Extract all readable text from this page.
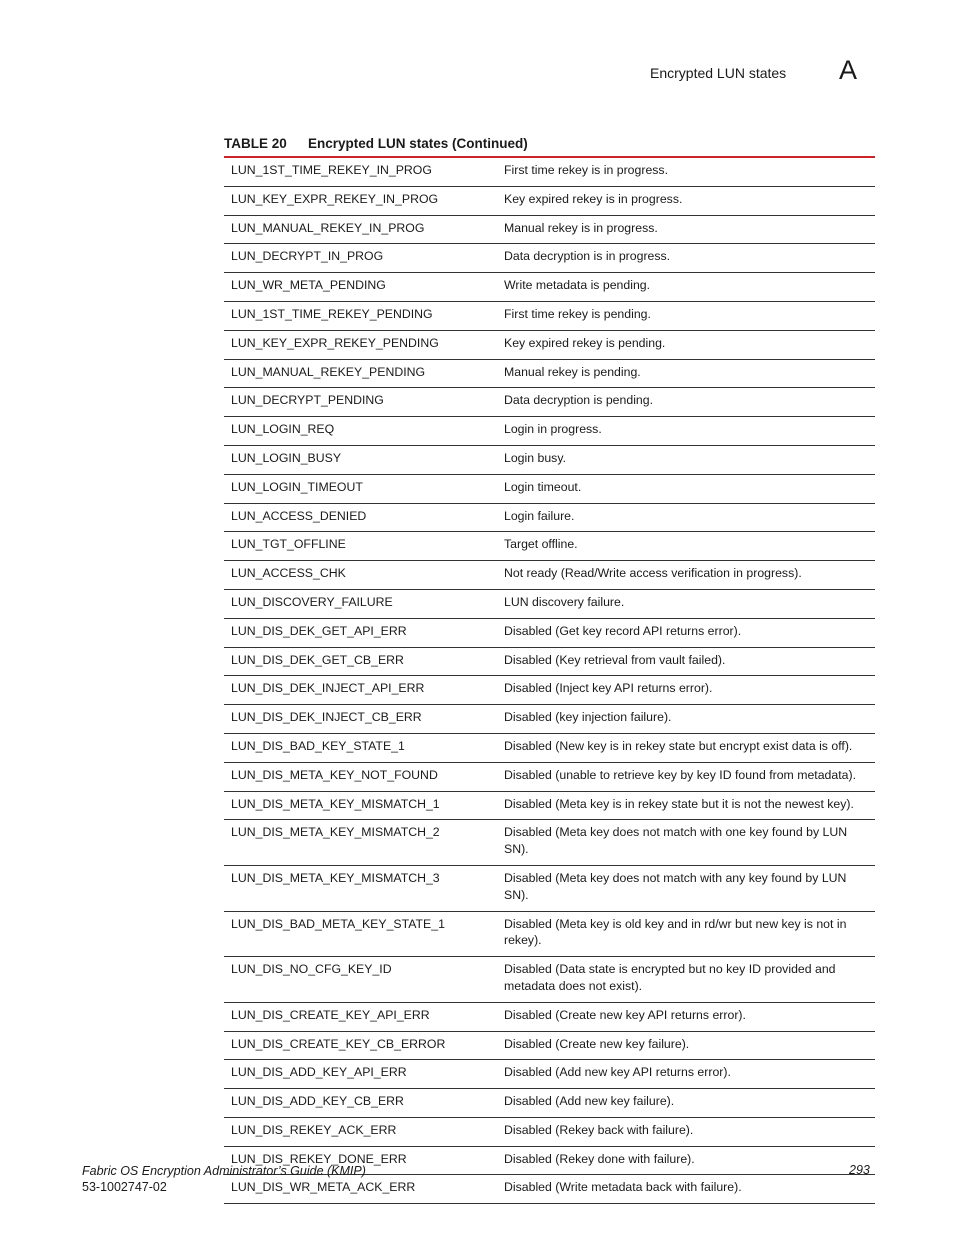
Encrypted LUN states A
TABLE 20 Encrypted LUN states (Continued)
LUN_1ST_TIME_REKEY_IN_PROG	First time rekey is in progress.
LUN_KEY_EXPR_REKEY_IN_PROG	Key expired rekey is in progress.
LUN_MANUAL_REKEY_IN_PROG	Manual rekey is in progress.
LUN_DECRYPT_IN_PROG	Data decryption is in progress.
LUN_WR_META_PENDING	Write metadata is pending.
LUN_1ST_TIME_REKEY_PENDING	First time rekey is pending.
LUN_KEY_EXPR_REKEY_PENDING	Key expired rekey is pending.
LUN_MANUAL_REKEY_PENDING	Manual rekey is pending.
LUN_DECRYPT_PENDING	Data decryption is pending.
LUN_LOGIN_REQ	Login in progress.
LUN_LOGIN_BUSY	Login busy.
LUN_LOGIN_TIMEOUT	Login timeout.
LUN_ACCESS_DENIED	Login failure.
LUN_TGT_OFFLINE	Target offline.
LUN_ACCESS_CHK	Not ready (Read/Write access verification in progress).
LUN_DISCOVERY_FAILURE	LUN discovery failure.
LUN_DIS_DEK_GET_API_ERR	Disabled (Get key record API returns error).
LUN_DIS_DEK_GET_CB_ERR	Disabled (Key retrieval from vault failed).
LUN_DIS_DEK_INJECT_API_ERR	Disabled (Inject key API returns error).
LUN_DIS_DEK_INJECT_CB_ERR	Disabled (key injection failure).
LUN_DIS_BAD_KEY_STATE_1	Disabled (New key is in rekey state but encrypt exist data is off).
LUN_DIS_META_KEY_NOT_FOUND	Disabled (unable to retrieve key by key ID found from metadata).
LUN_DIS_META_KEY_MISMATCH_1	Disabled (Meta key is in rekey state but it is not the newest key).
LUN_DIS_META_KEY_MISMATCH_2	Disabled (Meta key does not match with one key found by LUN SN).
LUN_DIS_META_KEY_MISMATCH_3	Disabled (Meta key does not match with any key found by LUN SN).
LUN_DIS_BAD_META_KEY_STATE_1	Disabled (Meta key is old key and in rd/wr but new key is not in rekey).
LUN_DIS_NO_CFG_KEY_ID	Disabled (Data state is encrypted but no key ID provided and metadata does not exist).
LUN_DIS_CREATE_KEY_API_ERR	Disabled (Create new key API returns error).
LUN_DIS_CREATE_KEY_CB_ERROR	Disabled (Create new key failure).
LUN_DIS_ADD_KEY_API_ERR	Disabled (Add new key API returns error).
LUN_DIS_ADD_KEY_CB_ERR	Disabled (Add new key failure).
LUN_DIS_REKEY_ACK_ERR	Disabled (Rekey back with failure).
LUN_DIS_REKEY_DONE_ERR	Disabled (Rekey done with failure).
LUN_DIS_WR_META_ACK_ERR	Disabled (Write metadata back with failure).
Fabric OS Encryption Administrator’s Guide (KMIP)
53-1002747-02
293
